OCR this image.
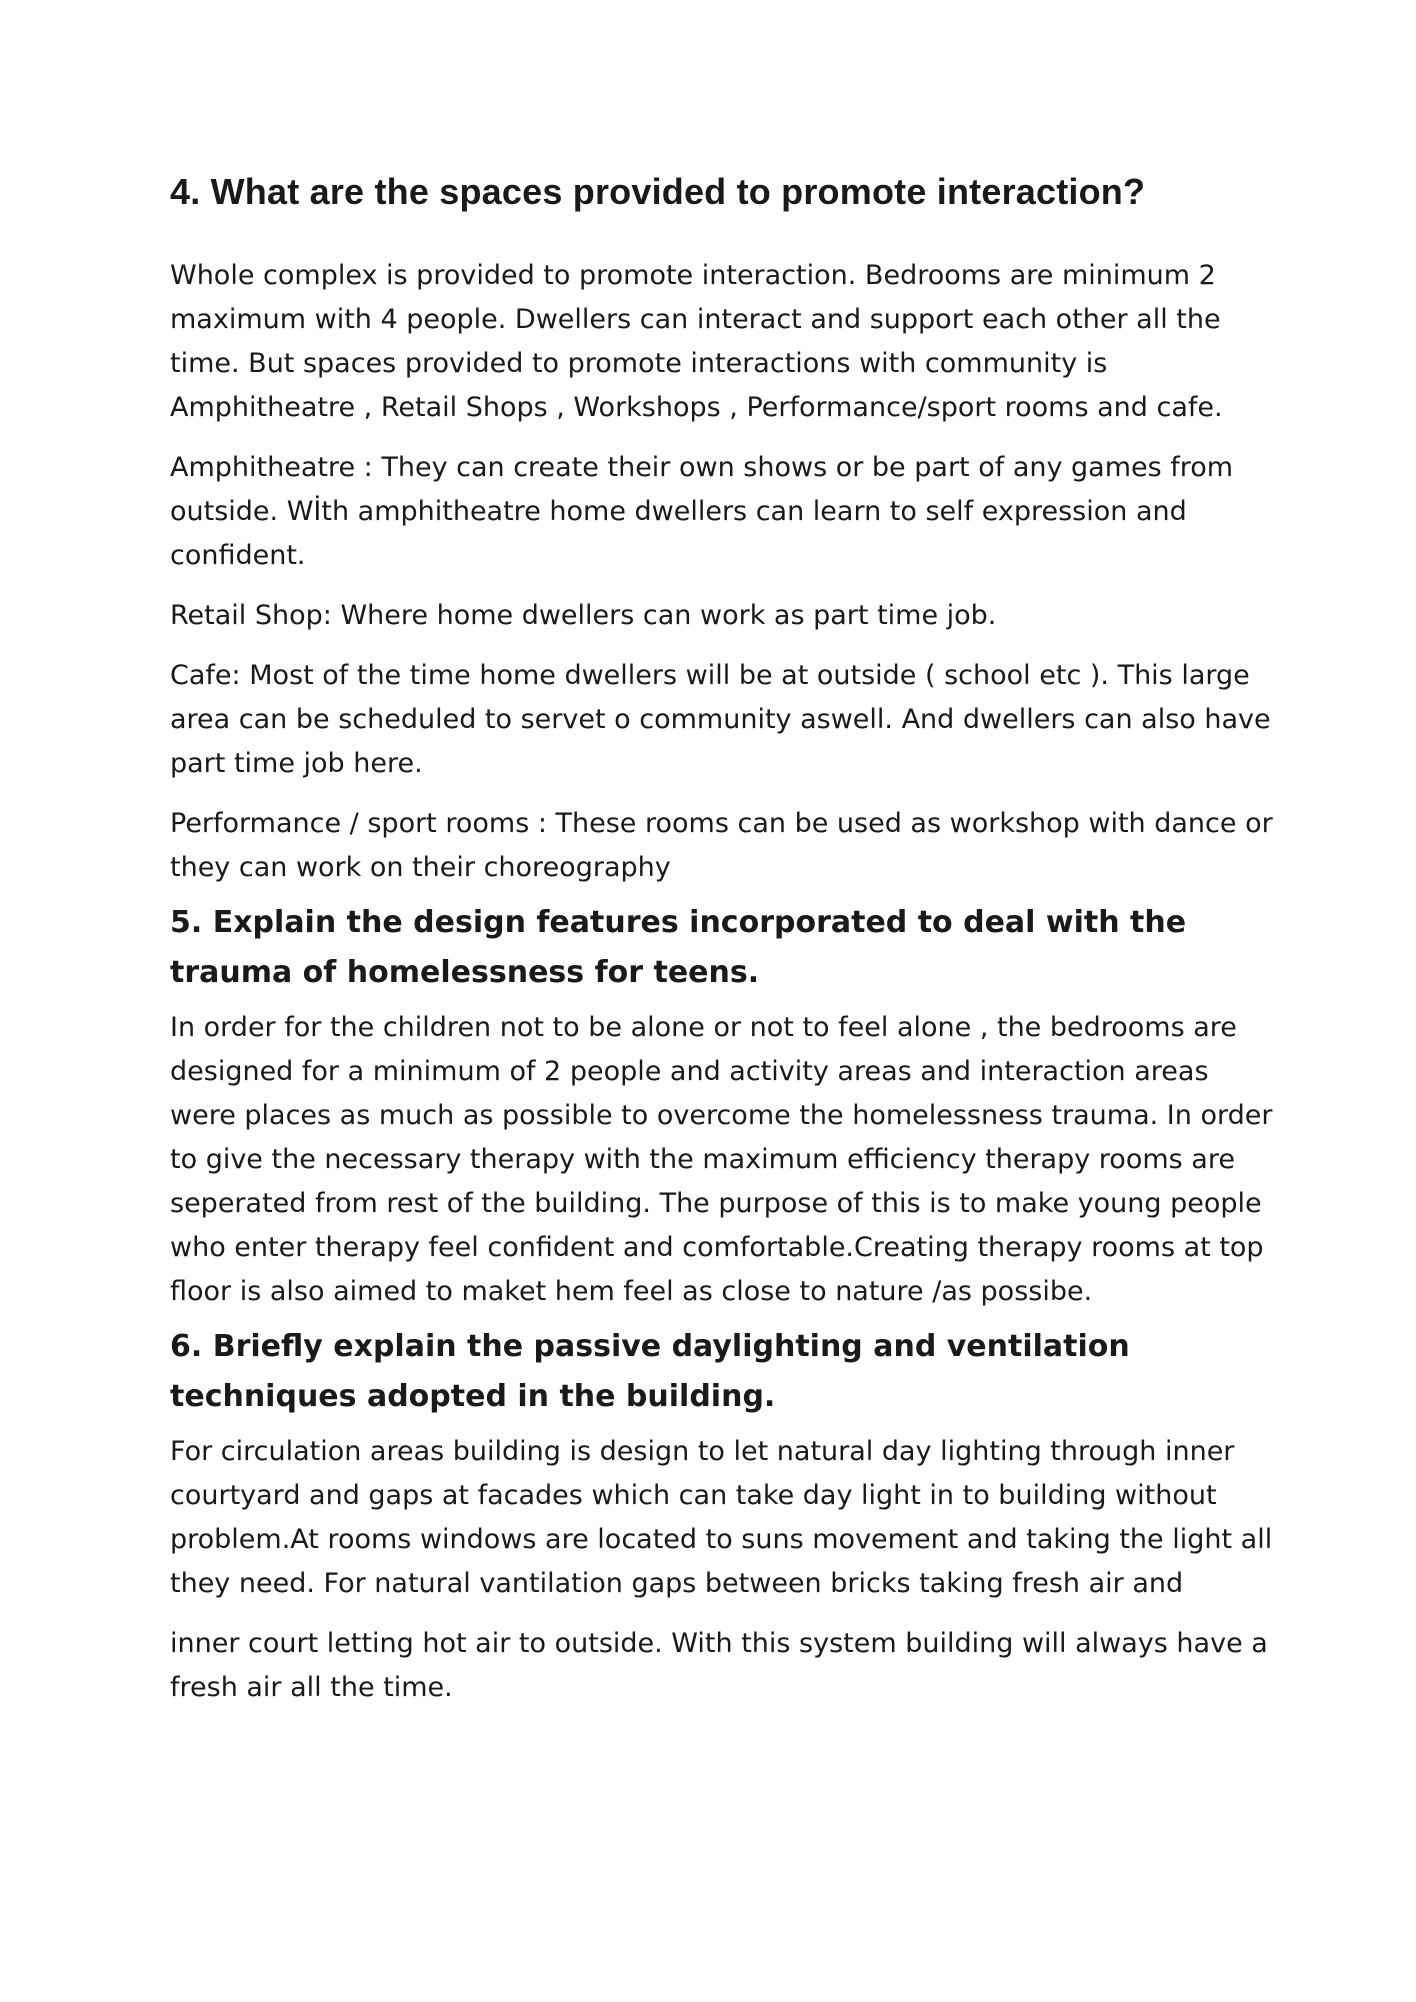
4. What are the spaces provided to promote interaction?

Whole complex is provided to promote interaction. Bedrooms are minimum 2 maximum with 4 people. Dwellers can interact and support each other all the time. But spaces provided to promote interactions with community is Amphitheatre , Retail Shops , Workshops , Performance/sport rooms and cafe.

Amphitheatre : They can create their own shows or be part of any games from outside. Wİth amphitheatre home dwellers can learn to self expression and confident.

Retail Shop: Where home dwellers can work as part time job.

Cafe: Most of the time home dwellers will be at outside ( school etc ). This large area can be scheduled to servet o community aswell. And dwellers can also have part time job here.

Performance / sport rooms : These rooms can be used as workshop with dance or they can work on their choreography

5. Explain the design features incorporated to deal with the trauma of homelessness for teens.

In order for the children not to be alone or not to feel alone , the bedrooms are designed for a minimum of 2 people and activity areas and interaction areas were places as much as possible to overcome the homelessness trauma. In order to give the necessary therapy with the maximum efficiency therapy rooms are seperated from rest of the building. The purpose of this is to make young people who enter therapy feel confident and comfortable.Creating therapy rooms at top floor is also aimed to maket hem feel as close to nature /as possibe.

6. Briefly explain the passive daylighting and ventilation techniques adopted in the building.

For circulation areas building is design to let natural day lighting through inner courtyard and gaps at facades which can take day light in to building without problem.At rooms windows are located to suns movement and taking the light all they need. For natural vantilation gaps between bricks taking fresh air and

inner court letting hot air to outside. With this system building will always have a fresh air all the time.
